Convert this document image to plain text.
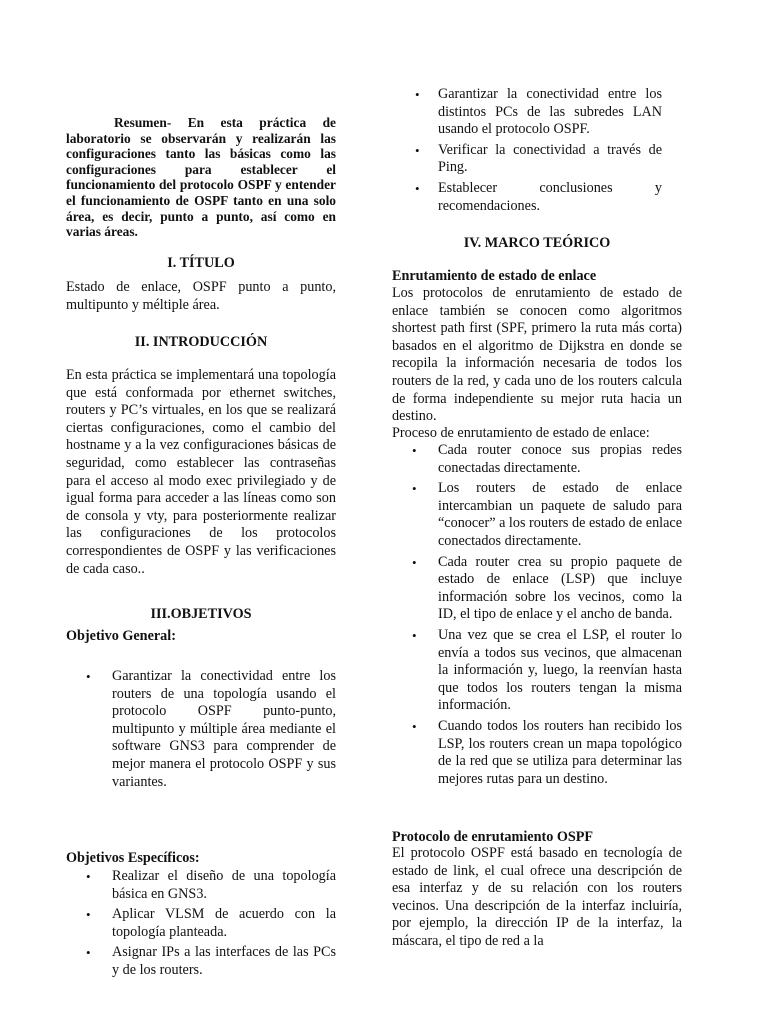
Resumen- En esta práctica de laboratorio se observarán y realizarán las configuraciones tanto las básicas como las configuraciones para establecer el funcionamiento del protocolo OSPF y entender el funcionamiento de OSPF tanto en una solo área, es decir, punto a punto, así como en varias áreas.

I. TÍTULO

Estado de enlace, OSPF punto a punto, multipunto y méltiple área.

II. INTRODUCCIÓN

En esta práctica se implementará una topología que está conformada por ethernet switches, routers y PC’s virtuales, en los que se realizará ciertas configuraciones, como el cambio del hostname y a la vez configuraciones básicas de seguridad, como establecer las contraseñas para el acceso al modo exec privilegiado y de igual forma para acceder a las líneas como son de consola y vty, para posteriormente realizar las configuraciones de los protocolos correspondientes de OSPF y las verificaciones de cada caso..

III.OBJETIVOS
Objetivo General:
• Garantizar la conectividad entre los routers de una topología usando el protocolo OSPF punto-punto, multipunto y múltiple área mediante el software GNS3 para comprender de mejor manera el protocolo OSPF y sus variantes.
Objetivos Específicos:
• Realizar el diseño de una topología básica en GNS3.
• Aplicar VLSM de acuerdo con la topología planteada.
• Asignar IPs a las interfaces de las PCs y de los routers.
• Garantizar la conectividad entre los distintos PCs de las subredes LAN usando el protocolo OSPF.
• Verificar la conectividad a través de Ping.
• Establecer conclusiones y recomendaciones.
IV. MARCO TEÓRICO
Enrutamiento de estado de enlace

Los protocolos de enrutamiento de estado de enlace también se conocen como algoritmos shortest path first (SPF, primero la ruta más corta) basados en el algoritmo de Dijkstra en donde se recopila la información necesaria de todos los routers de la red, y cada uno de los routers calcula de forma independiente su mejor ruta hacia un destino.

Proceso de enrutamiento de estado de enlace:

• Cada router conoce sus propias redes conectadas directamente.
• Los routers de estado de enlace intercambian un paquete de saludo para “conocer” a los routers de estado de enlace conectados directamente.
• Cada router crea su propio paquete de estado de enlace (LSP) que incluye información sobre los vecinos, como la ID, el tipo de enlace y el ancho de banda.
• Una vez que se crea el LSP, el router lo envía a todos sus vecinos, que almacenan la información y, luego, la reenvían hasta que todos los routers tengan la misma información.
• Cuando todos los routers han recibido los LSP, los routers crean un mapa topológico de la red que se utiliza para determinar las mejores rutas para un destino.
Protocolo de enrutamiento OSPF

El protocolo OSPF está basado en tecnología de estado de link, el cual ofrece una descripción de esa interfaz y de su relación con los routers vecinos. Una descripción de la interfaz incluiría, por ejemplo, la dirección IP de la interfaz, la máscara, el tipo de red a la
